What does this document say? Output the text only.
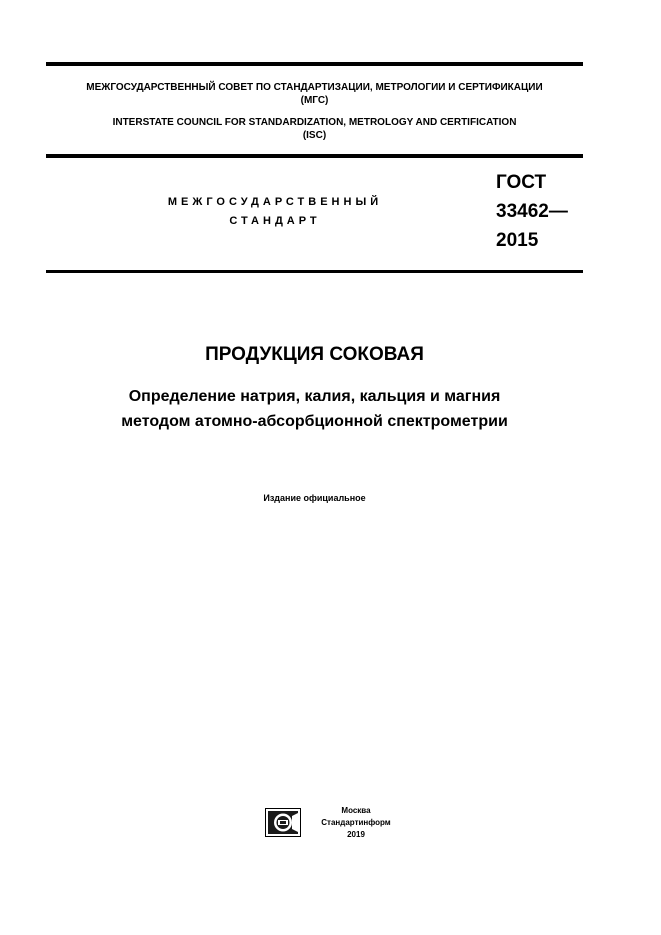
МЕЖГОСУДАРСТВЕННЫЙ СОВЕТ ПО СТАНДАРТИЗАЦИИ, МЕТРОЛОГИИ И СЕРТИФИКАЦИИ
(МГС)
INTERSTATE COUNCIL FOR STANDARDIZATION, METROLOGY AND CERTIFICATION
(ISC)
МЕЖГОСУДАРСТВЕННЫЙ
СТАНДАРТ
ГОСТ
33462—
2015
ПРОДУКЦИЯ СОКОВАЯ
Определение натрия, калия, кальция и магния
методом атомно-абсорбционной спектрометрии
Издание официальное
Москва
Стандартинформ
2019
